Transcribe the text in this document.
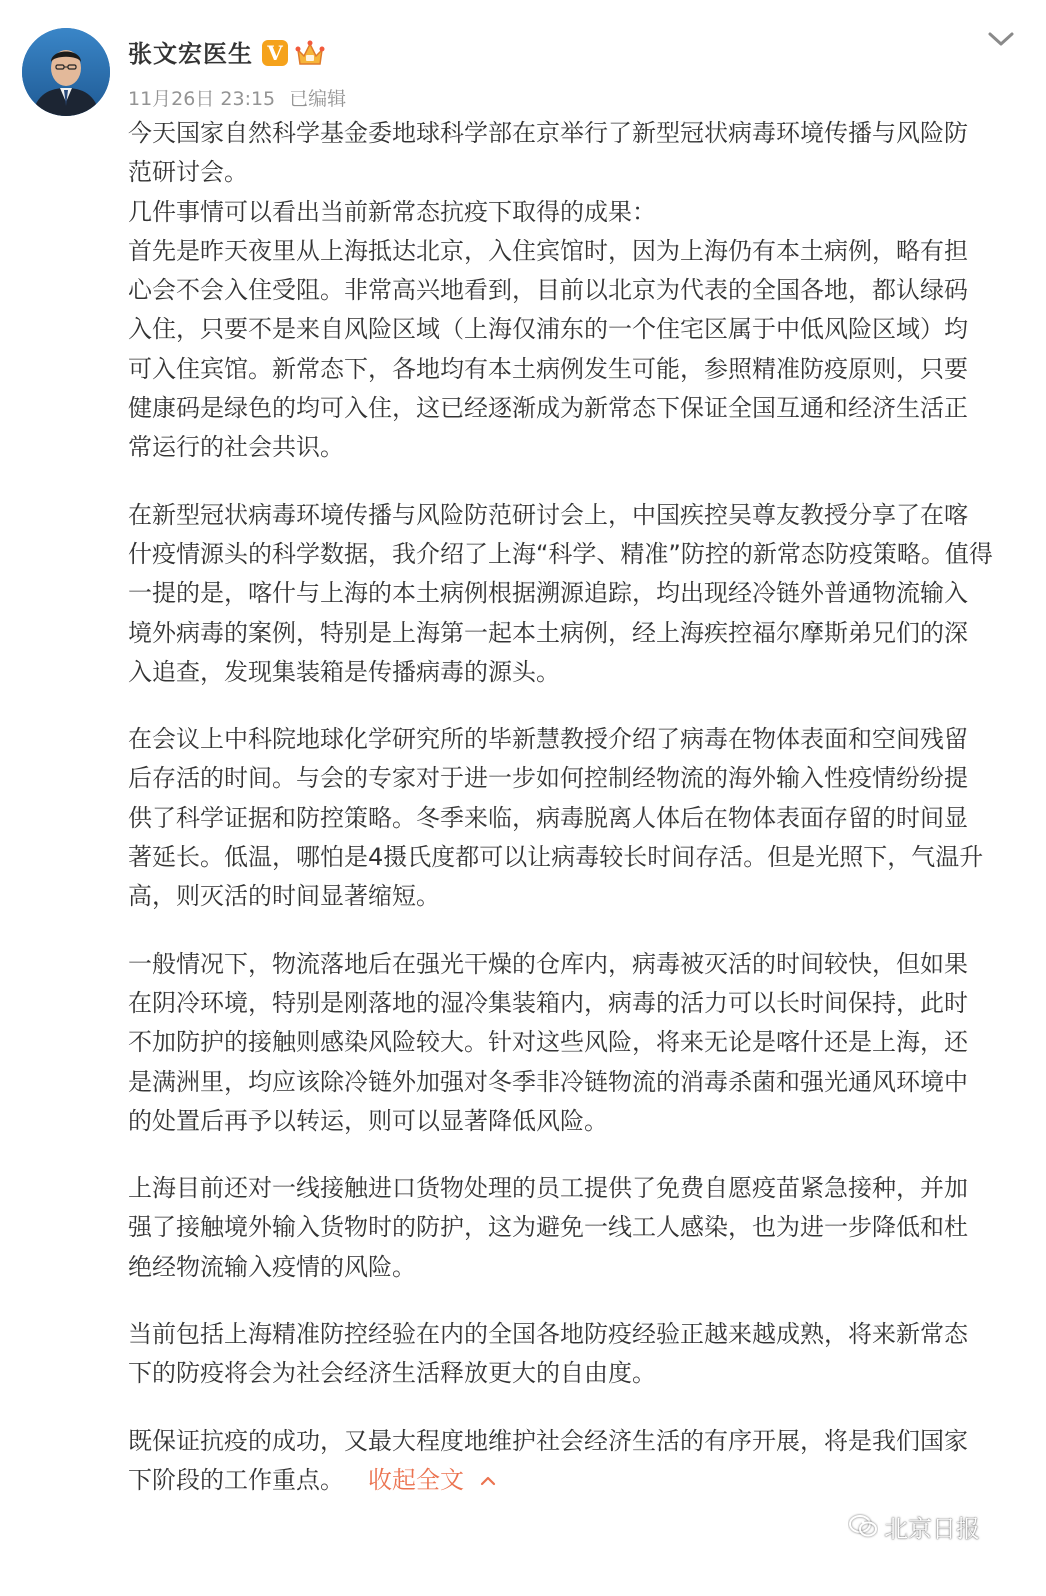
张文宏医生 V
11月26日 23:15 已编辑

今天国家自然科学基金委地球科学部在京举行了新型冠状病毒环境传播与风险防
范研讨会。
几件事情可以看出当前新常态抗疫下取得的成果：
首先是昨天夜里从上海抵达北京，入住宾馆时，因为上海仍有本土病例，略有担
心会不会入住受阻。非常高兴地看到，目前以北京为代表的全国各地，都认绿码
入住，只要不是来自风险区域（上海仅浦东的一个住宅区属于中低风险区域）均
可入住宾馆。新常态下，各地均有本土病例发生可能，参照精准防疫原则，只要
健康码是绿色的均可入住，这已经逐渐成为新常态下保证全国互通和经济生活正
常运行的社会共识。

在新型冠状病毒环境传播与风险防范研讨会上，中国疾控吴尊友教授分享了在喀
什疫情源头的科学数据，我介绍了上海“科学、精准”防控的新常态防疫策略。值得
一提的是，喀什与上海的本土病例根据溯源追踪，均出现经冷链外普通物流输入
境外病毒的案例，特别是上海第一起本土病例，经上海疾控福尔摩斯弟兄们的深
入追查，发现集装箱是传播病毒的源头。

在会议上中科院地球化学研究所的毕新慧教授介绍了病毒在物体表面和空间残留
后存活的时间。与会的专家对于进一步如何控制经物流的海外输入性疫情纷纷提
供了科学证据和防控策略。冬季来临，病毒脱离人体后在物体表面存留的时间显
著延长。低温，哪怕是4摄氏度都可以让病毒较长时间存活。但是光照下，气温升
高，则灭活的时间显著缩短。

一般情况下，物流落地后在强光干燥的仓库内，病毒被灭活的时间较快，但如果
在阴冷环境，特别是刚落地的湿冷集装箱内，病毒的活力可以长时间保持，此时
不加防护的接触则感染风险较大。针对这些风险，将来无论是喀什还是上海，还
是满洲里，均应该除冷链外加强对冬季非冷链物流的消毒杀菌和强光通风环境中
的处置后再予以转运，则可以显著降低风险。

上海目前还对一线接触进口货物处理的员工提供了免费自愿疫苗紧急接种，并加
强了接触境外输入货物时的防护，这为避免一线工人感染，也为进一步降低和杜
绝经物流输入疫情的风险。

当前包括上海精准防控经验在内的全国各地防疫经验正越来越成熟，将来新常态
下的防疫将会为社会经济生活释放更大的自由度。

既保证抗疫的成功，又最大程度地维护社会经济生活的有序开展，将是我们国家
下阶段的工作重点。 收起全文

北京日报
